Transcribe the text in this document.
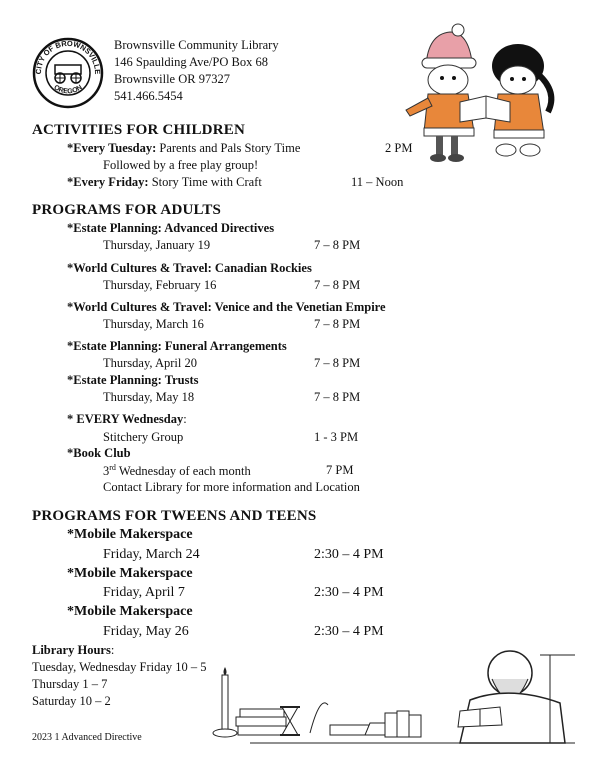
CITY OF BROWNSVILLE
OREGON
Brownsville Community Library
146 Spaulding Ave/PO Box 68
Brownsville OR 97327
541.466.5454
ACTIVITIES FOR CHILDREN
*Every Tuesday: Parents and Pals Story Time	2 PM
Followed by a free play group!
*Every Friday: Story Time with Craft	11 – Noon
PROGRAMS FOR ADULTS
*Estate Planning: Advanced Directives
Thursday, January 19	7 – 8 PM
*World Cultures & Travel: Canadian Rockies
Thursday, February 16	7 – 8 PM
*World Cultures & Travel: Venice and the Venetian Empire
Thursday, March 16	7 – 8 PM
*Estate Planning: Funeral Arrangements
Thursday, April 20	7 – 8 PM
*Estate Planning: Trusts
Thursday, May 18	7 – 8 PM
* EVERY Wednesday:
Stitchery Group	1 - 3 PM
*Book Club
3rd Wednesday of each month	7 PM
Contact Library for more information and Location
PROGRAMS FOR TWEENS AND TEENS
*Mobile Makerspace
Friday, March 24	2:30 – 4 PM
*Mobile Makerspace
Friday, April 7	2:30 – 4 PM
*Mobile Makerspace
Friday, May 26	2:30 – 4 PM
Library Hours:
Tuesday, Wednesday Friday 10 – 5
Thursday 1 – 7
Saturday 10 – 2
2023 1 Advanced Directive
